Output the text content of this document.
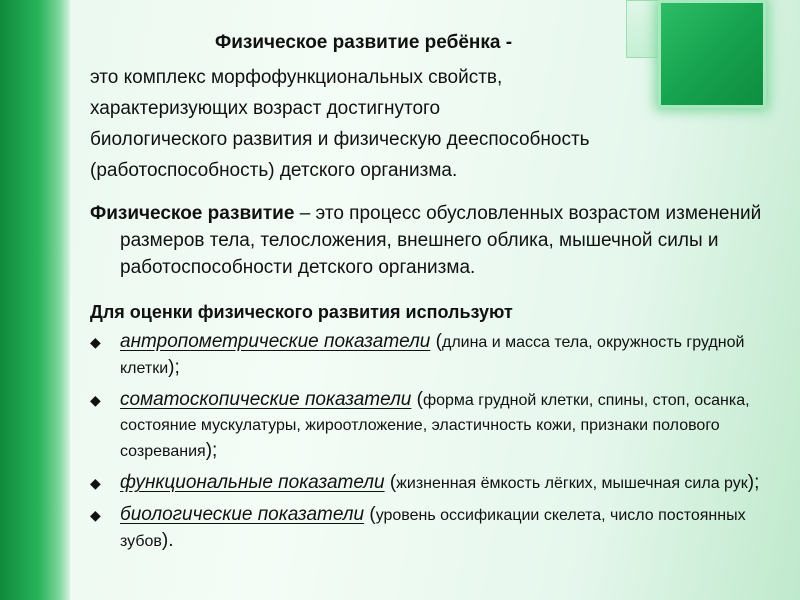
Физическое развитие ребёнка -

это комплекс морфофункциональных свойств,

характеризующих возраст достигнутого

биологического развития и физическую дееспособность

(работоспособность) детского организма.

Физическое развитие – это процесс обусловленных возрастом изменений размеров тела, телосложения, внешнего облика, мышечной силы и работоспособности детского организма.

Для оценки физического развития используют

◆ антропометрические показатели (длина и масса тела, окружность грудной клетки);
◆ соматоскопические показатели (форма грудной клетки, спины, стоп, осанка, состояние мускулатуры, жироотложение, эластичность кожи, признаки полового созревания);
◆ функциональные показатели (жизненная ёмкость лёгких, мышечная сила рук);
◆ биологические показатели (уровень оссификации скелета, число постоянных зубов).
